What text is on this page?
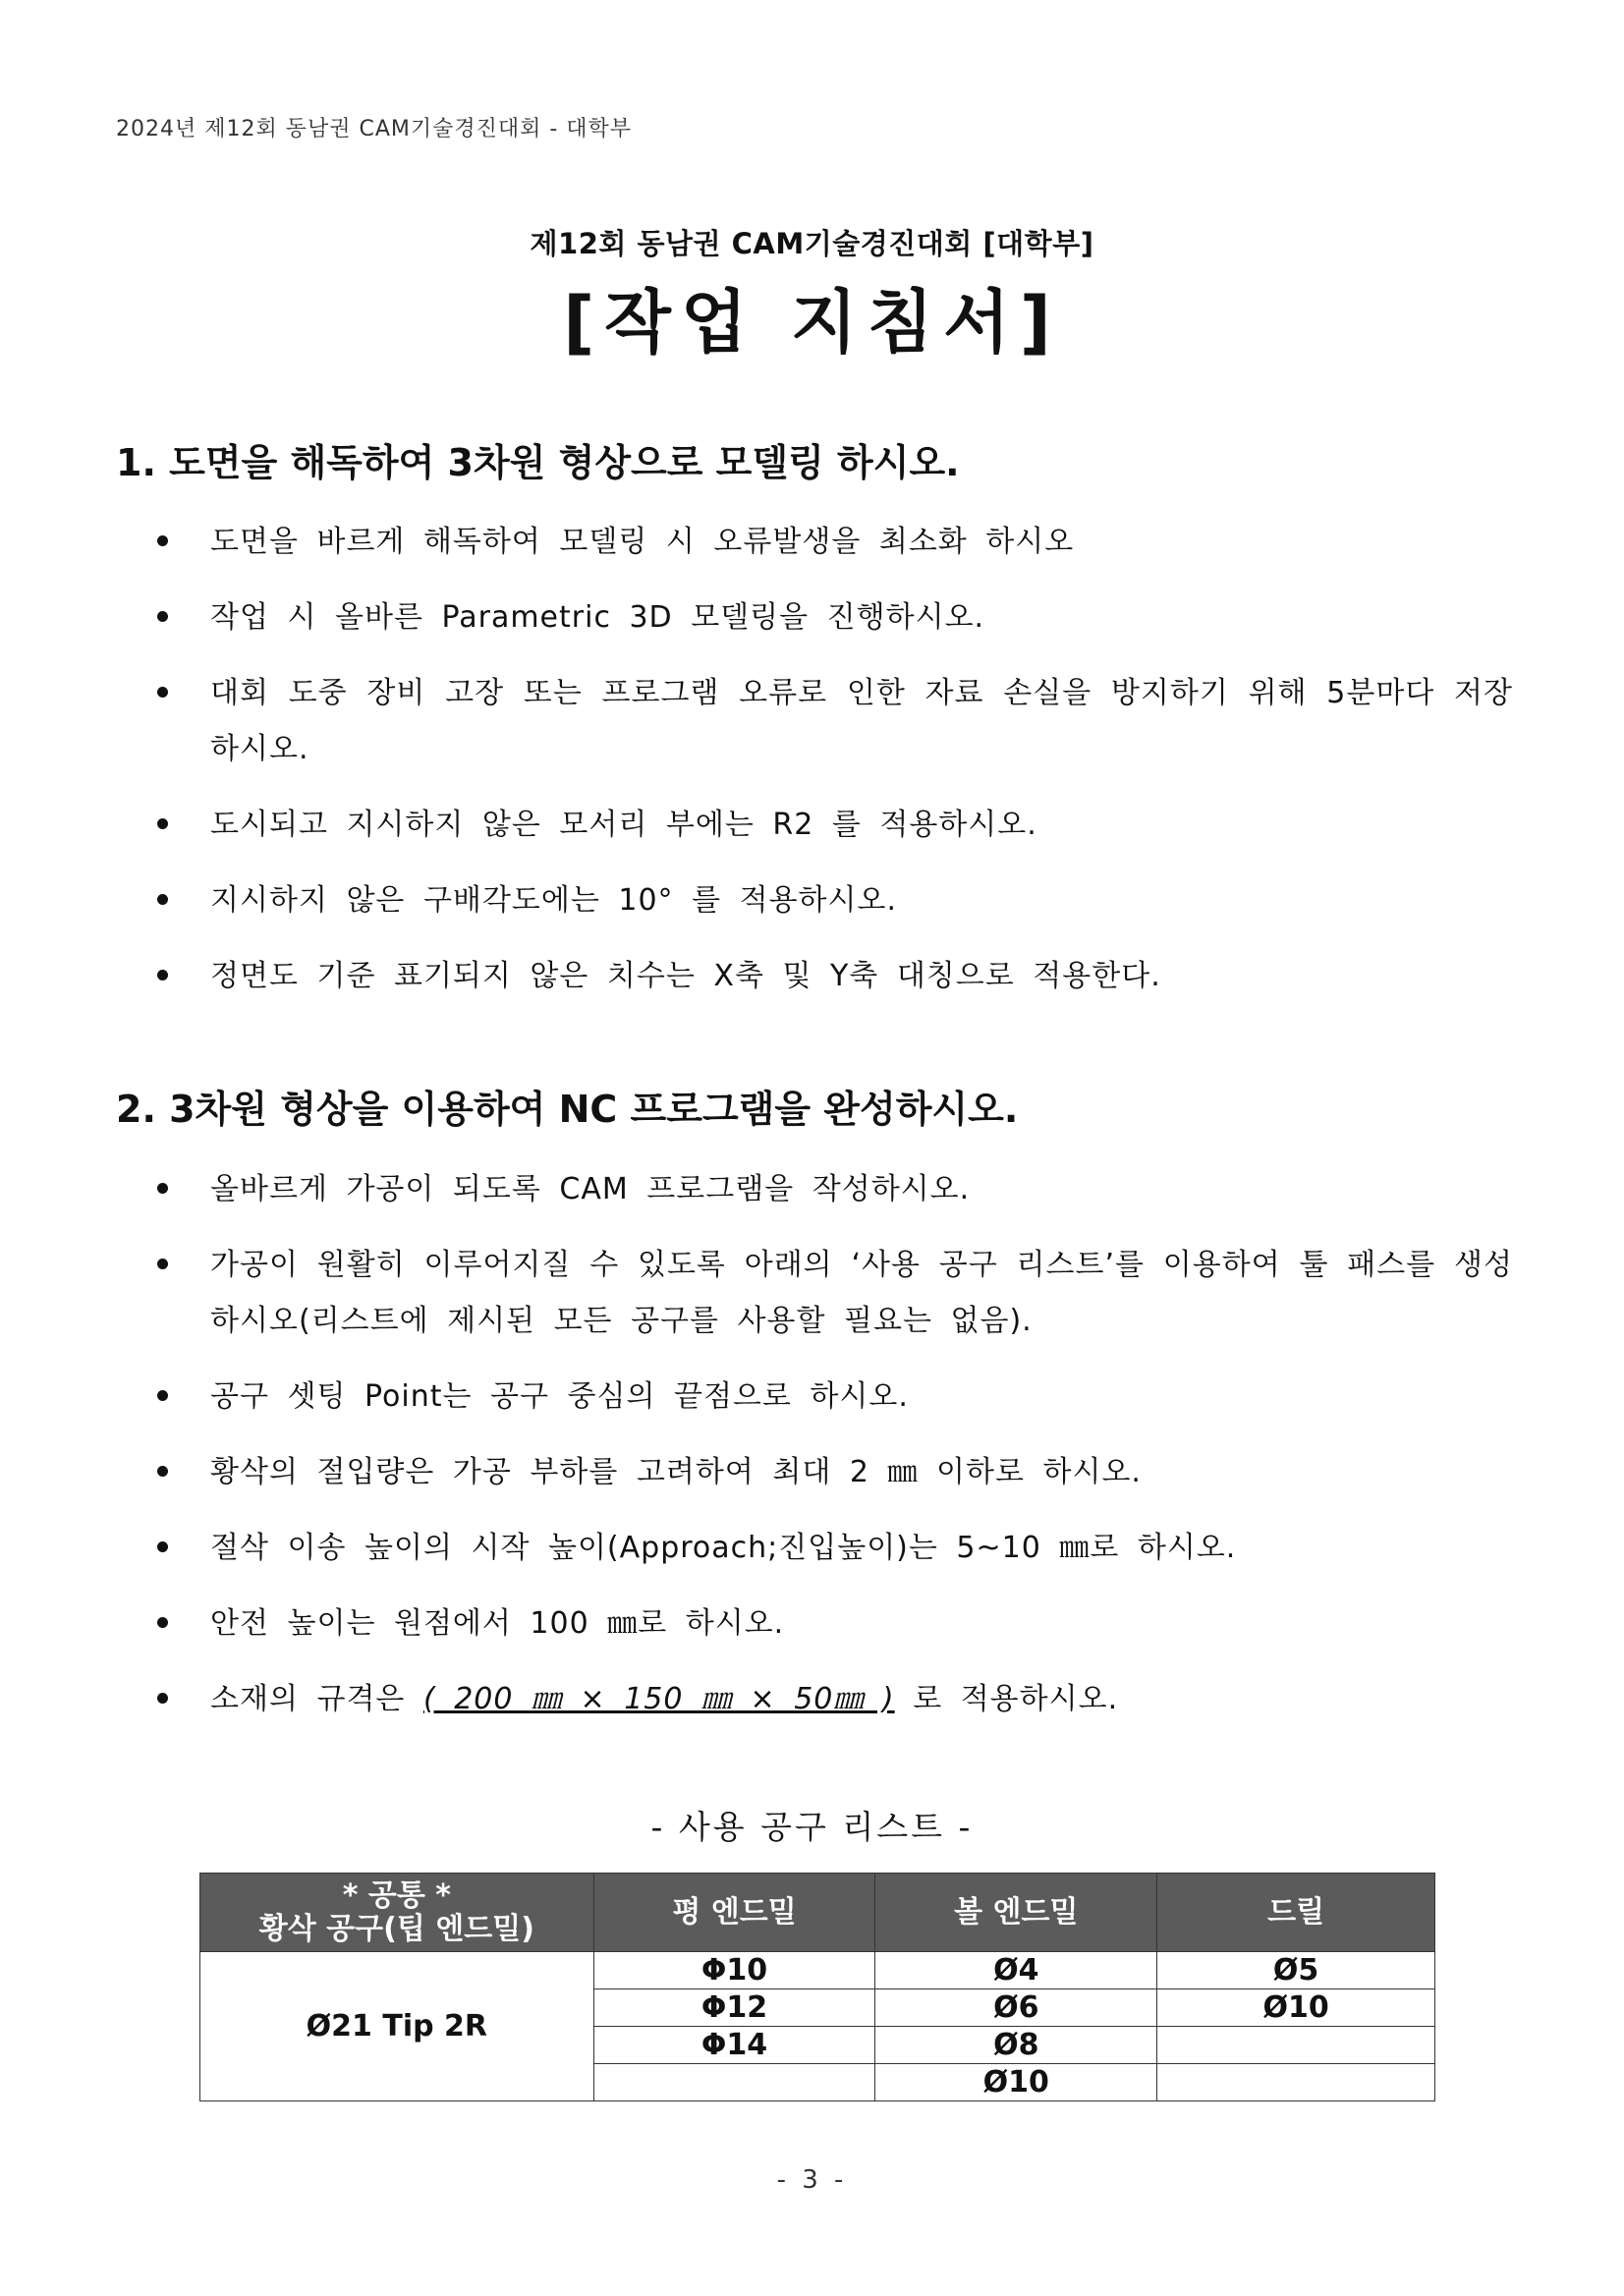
2024년 제12회 동남권 CAM기술경진대회 - 대학부
제12회 동남권 CAM기술경진대회 [대학부]
[작업 지침서]
1. 도면을 해독하여 3차원 형상으로 모델링 하시오.
도면을 바르게 해독하여 모델링 시 오류발생을 최소화 하시오
작업 시 올바른 Parametric 3D 모델링을 진행하시오.
대회 도중 장비 고장 또는 프로그램 오류로 인한 자료 손실을 방지하기 위해 5분마다 저장하시오.
도시되고 지시하지 않은 모서리 부에는 R2 를 적용하시오.
지시하지 않은 구배각도에는 10° 를 적용하시오.
정면도 기준 표기되지 않은 치수는 X축 및 Y축 대칭으로 적용한다.
2. 3차원 형상을 이용하여 NC 프로그램을 완성하시오.
올바르게 가공이 되도록 CAM 프로그램을 작성하시오.
가공이 원활히 이루어지질 수 있도록 아래의 ‘사용 공구 리스트’를 이용하여 툴 패스를 생성하시오(리스트에 제시된 모든 공구를 사용할 필요는 없음).
공구 셋팅 Point는 공구 중심의 끝점으로 하시오.
황삭의 절입량은 가공 부하를 고려하여 최대 2 ㎜ 이하로 하시오.
절삭 이송 높이의 시작 높이(Approach;진입높이)는 5~10 ㎜로 하시오.
안전 높이는 원점에서 100 ㎜로 하시오.
소재의 규격은 ( 200 ㎜ × 150 ㎜ × 50㎜ ) 로 적용하시오.
- 사용 공구 리스트 -
* 공통 *
황삭 공구(팁 엔드밀)	평 엔드밀	볼 엔드밀	드릴
Ø21 Tip 2R	Φ10	Ø4	Ø5
	Φ12	Ø6	Ø10
	Φ14	Ø8	
		Ø10	
- 3 -
